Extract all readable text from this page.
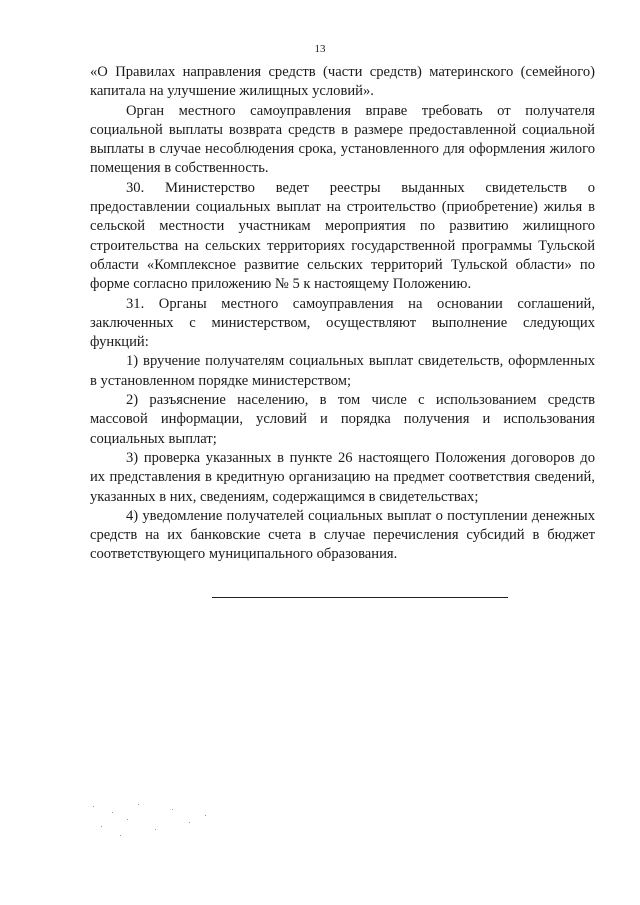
13

«О Правилах направления средств (части средств) материнского (семейного) капитала на улучшение жилищных условий».

Орган местного самоуправления вправе требовать от получателя социальной выплаты возврата средств в размере предоставленной социальной выплаты в случае несоблюдения срока, установленного для оформления жилого помещения в собственность.

30. Министерство ведет реестры выданных свидетельств о предоставлении социальных выплат на строительство (приобретение) жилья в сельской местности участникам мероприятия по развитию жилищного строительства на сельских территориях государственной программы Тульской области «Комплексное развитие сельских территорий Тульской области» по форме согласно приложению № 5 к настоящему Положению.

31. Органы местного самоуправления на основании соглашений, заключенных с министерством, осуществляют выполнение следующих функций:

1) вручение получателям социальных выплат свидетельств, оформленных в установленном порядке министерством;

2) разъяснение населению, в том числе с использованием средств массовой информации, условий и порядка получения и использования социальных выплат;

3) проверка указанных в пункте 26 настоящего Положения договоров до их представления в кредитную организацию на предмет соответствия сведений, указанных в них, сведениям, содержащимся в свидетельствах;

4) уведомление получателей социальных выплат о поступлении денежных средств на их банковские счета в случае перечисления субсидий в бюджет соответствующего муниципального образования.
